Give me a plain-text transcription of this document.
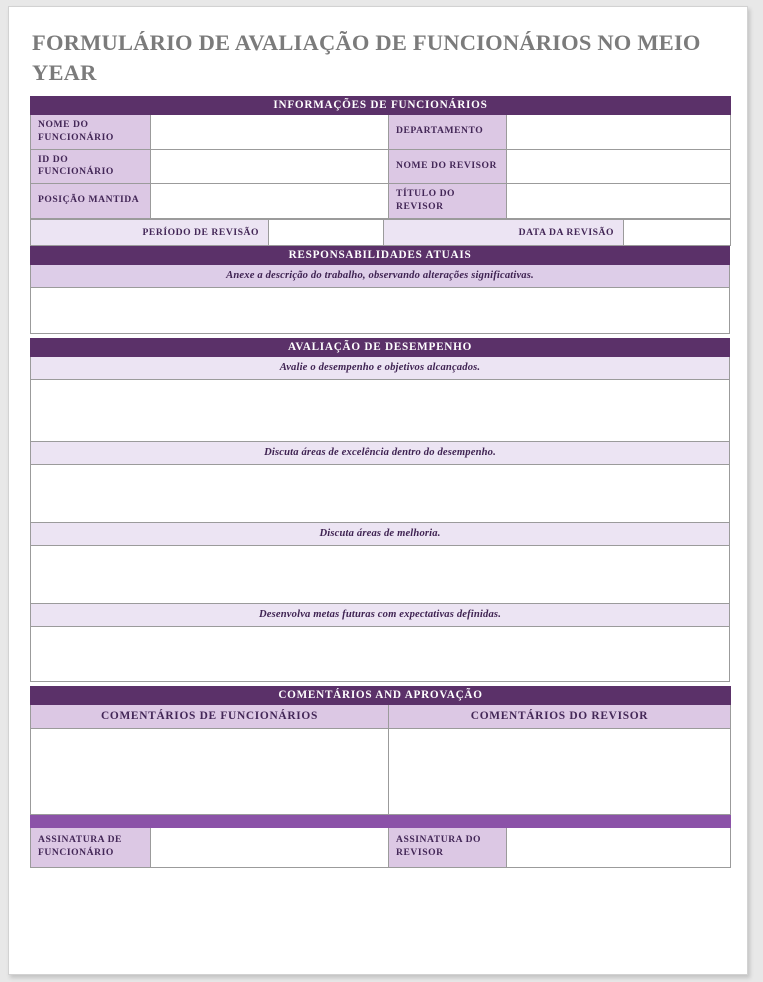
FORMULÁRIO DE AVALIAÇÃO DE FUNCIONÁRIOS NO MEIO YEAR
INFORMAÇÕES DE FUNCIONÁRIOS			
NOME DO FUNCIONÁRIO		DEPARTAMENTO	
ID DO FUNCIONÁRIO		NOME DO REVISOR	
POSIÇÃO MANTIDA		TÍTULO DO REVISOR	
PERÍODO DE REVISÃO		DATA DA REVISÃO	
RESPONSABILIDADES ATUAIS
Anexe a descrição do trabalho, observando alterações significativas.

AVALIAÇÃO DE DESEMPENHO
Avalie o desempenho e objetivos alcançados.

Discuta áreas de excelência dentro do desempenho.

Discuta áreas de melhoria.

Desenvolva metas futuras com expectativas definidas.

COMENTÁRIOS AND APROVAÇÃO			
COMENTÁRIOS DE FUNCIONÁRIOS		COMENTÁRIOS DO REVISOR	

ASSINATURA DE FUNCIONÁRIO		ASSINATURA DO REVISOR	
